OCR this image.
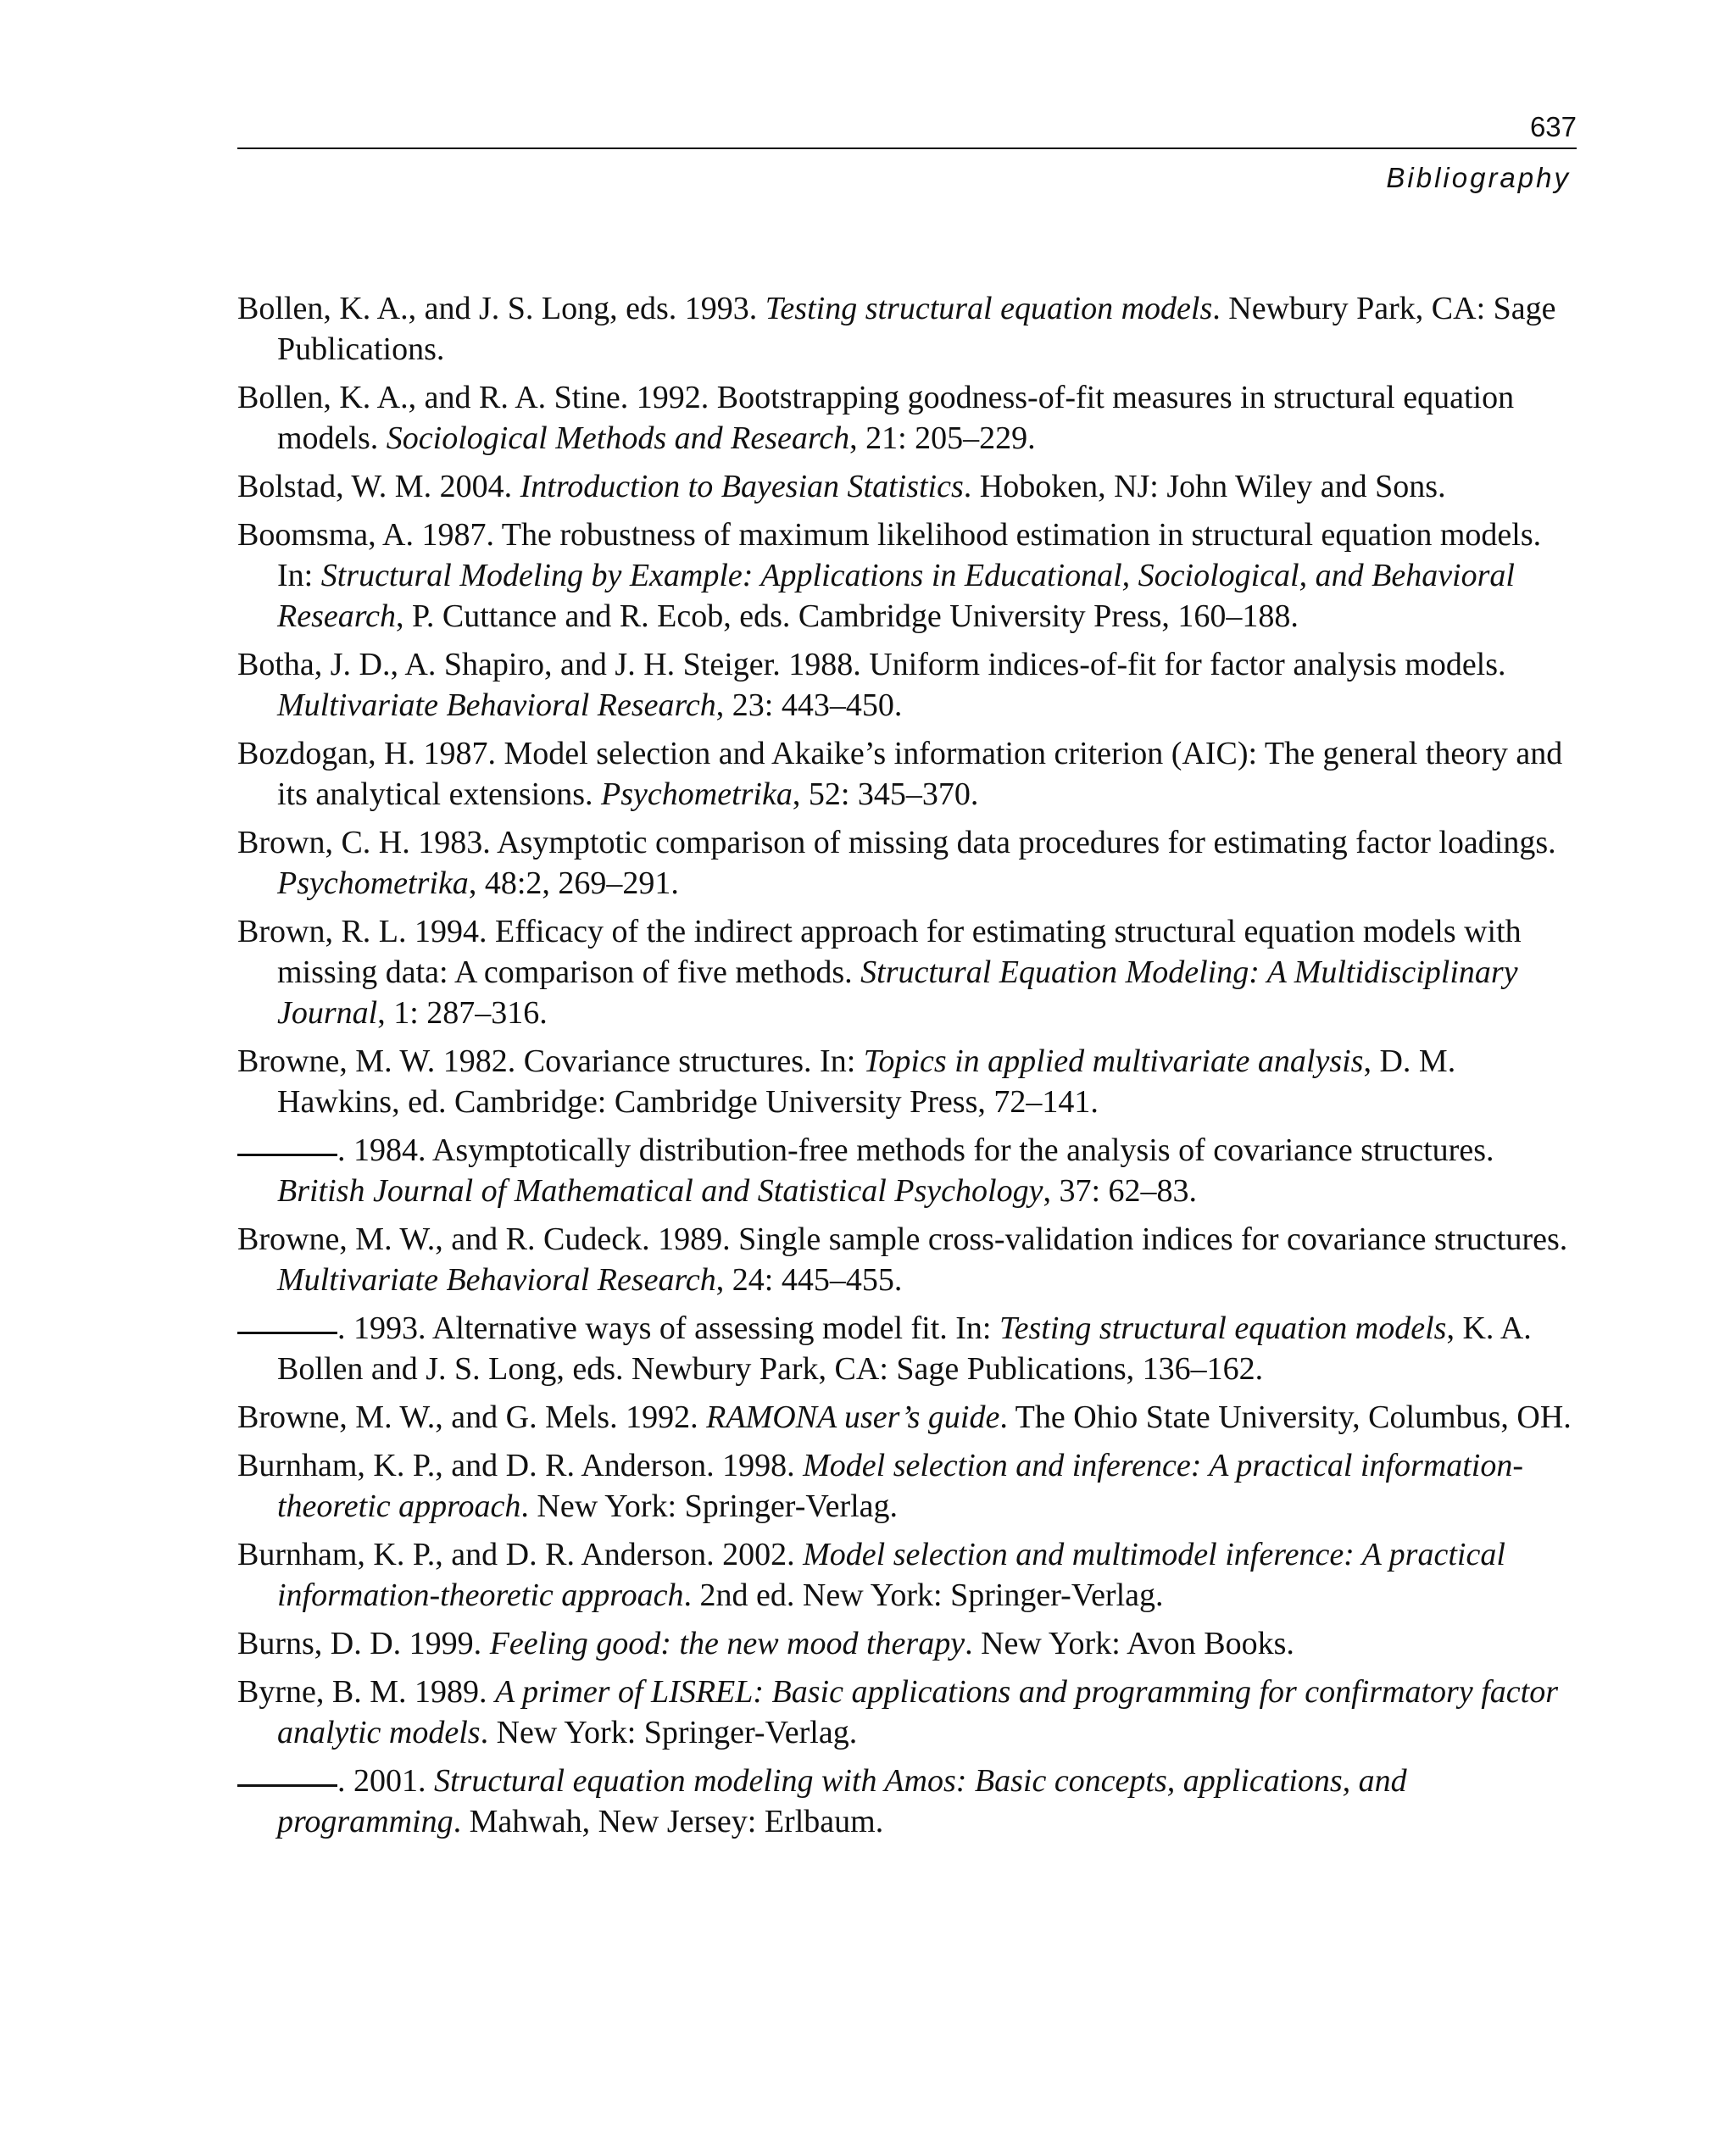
637
Bibliography
Bollen, K. A., and J. S. Long, eds. 1993. Testing structural equation models. Newbury Park, CA: Sage Publications.
Bollen, K. A., and R. A. Stine. 1992. Bootstrapping goodness-of-fit measures in structural equation models. Sociological Methods and Research, 21: 205–229.
Bolstad, W. M. 2004. Introduction to Bayesian Statistics. Hoboken, NJ: John Wiley and Sons.
Boomsma, A. 1987. The robustness of maximum likelihood estimation in structural equation models. In: Structural Modeling by Example: Applications in Educational, Sociological, and Behavioral Research, P. Cuttance and R. Ecob, eds. Cambridge University Press, 160–188.
Botha, J. D., A. Shapiro, and J. H. Steiger. 1988. Uniform indices-of-fit for factor analysis models. Multivariate Behavioral Research, 23: 443–450.
Bozdogan, H. 1987. Model selection and Akaike’s information criterion (AIC): The general theory and its analytical extensions. Psychometrika, 52: 345–370.
Brown, C. H. 1983. Asymptotic comparison of missing data procedures for estimating factor loadings. Psychometrika, 48:2, 269–291.
Brown, R. L. 1994. Efficacy of the indirect approach for estimating structural equation models with missing data: A comparison of five methods. Structural Equation Modeling: A Multidisciplinary Journal, 1: 287–316.
Browne, M. W. 1982. Covariance structures. In: Topics in applied multivariate analysis, D. M. Hawkins, ed. Cambridge: Cambridge University Press, 72–141.
. 1984. Asymptotically distribution-free methods for the analysis of covariance structures. British Journal of Mathematical and Statistical Psychology, 37: 62–83.
Browne, M. W., and R. Cudeck. 1989. Single sample cross-validation indices for covariance structures. Multivariate Behavioral Research, 24: 445–455.
. 1993. Alternative ways of assessing model fit. In: Testing structural equation models, K. A. Bollen and J. S. Long, eds. Newbury Park, CA: Sage Publications, 136–162.
Browne, M. W., and G. Mels. 1992. RAMONA user’s guide. The Ohio State University, Columbus, OH.
Burnham, K. P., and D. R. Anderson. 1998. Model selection and inference: A practical information-theoretic approach. New York: Springer-Verlag.
Burnham, K. P., and D. R. Anderson. 2002. Model selection and multimodel inference: A practical information-theoretic approach. 2nd ed. New York: Springer-Verlag.
Burns, D. D. 1999. Feeling good: the new mood therapy. New York: Avon Books.
Byrne, B. M. 1989. A primer of LISREL: Basic applications and programming for confirmatory factor analytic models. New York: Springer-Verlag.
. 2001. Structural equation modeling with Amos: Basic concepts, applications, and programming. Mahwah, New Jersey: Erlbaum.
